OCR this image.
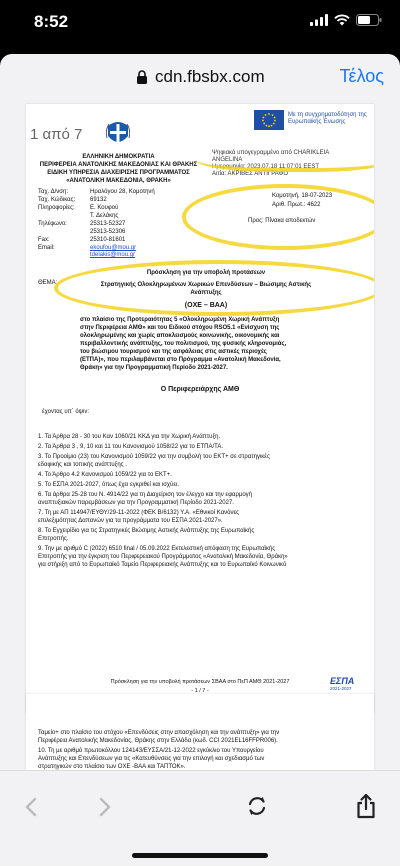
8:52
cdn.fbsbx.com	Τέλος
ΕΛΛΗΝΙΚΗ ΔΗΜΟΚΡΑΤΙΑ
ΠΕΡΙΦΕΡΕΙΑ ΑΝΑΤΟΛΙΚΗΣ ΜΑΚΕΔΟΝΙΑΣ ΚΑΙ ΘΡΑΚΗΣ
ΕΙΔΙΚΗ ΥΠΗΡΕΣΙΑ ΔΙΑΧΕΙΡΙΣΗΣ ΠΡΟΓΡΑΜΜΑΤΟΣ
«ΑΝΑΤΟΛΙΚΗ ΜΑΚΕΔΟΝΙΑ, ΘΡΑΚΗ»
Με τη συγχρηματοδότηση της Ευρωπαϊκής Ένωσης
Ψηφιακά υπογεγραμμένο από CHARIKLEIA
ANGELINA
Ημερομηνία: 2023.07.18 11:07:01 EEST
Αιτία: ΑΚΡΙΒΕΣ ΑΝΤΙΓΡΑΦΟ
Ταχ. Δ/νση:
Ταχ. Κώδικας:
Πληροφορίες:
Τηλέφωνο:
Fax:
Email:
Ηραλόγου 28, Κομοτηνή
69132
Ε. Κουφού
Τ. Δελάκης
25313-52327
25313-52306
25310-81601
ekoufou@mou.gr
tdelakis@mou.gr
Κομοτηνή, 18-07-2023
Αριθ. Πρωτ.: 4622
Προς: Πίνακα αποδεκτών
ΘΕΜΑ:
Πρόσκληση για την υποβολή προτάσεων
Στρατηγικής Ολοκληρωμένων Χωρικών Επενδύσεων – Βιώσιμης Αστικής
Ανάπτυξης
(ΟΧΕ – ΒΑΑ)
στο πλαίσιο της Προτεραιότητας 5 «Ολοκληρωμένη Χωρική Ανάπτυξη
στην Περιφέρεια ΑΜΘ» και του Ειδικού στόχου RSO5.1 «Ενίσχυση της
ολοκληρωμένης και χωρίς αποκλεισμούς κοινωνικής, οικονομικής και
περιβαλλοντικής ανάπτυξης, του πολιτισμού, της φυσικής κληρονομιάς,
του βιώσιμου τουρισμού και της ασφάλειας στις αστικές περιοχές
(ΕΤΠΑ)», που περιλαμβάνεται στο Πρόγραμμα «Ανατολική Μακεδονία,
Θράκη» για την Προγραμματική Περίοδο 2021-2027.
Ο Περιφερειάρχης ΑΜΘ
έχοντας υπ΄ όψιν:
1. Τα Άρθρα 28 - 30 του Καν 1060/21 ΚΚΔ για την Χωρική Ανάπτυξη.
2. Τα Άρθρα 3 , 9, 10 και 11 του Κανονισμού 1058/22 για το ΕΤΠΑ/ΤΑ.
3. Το Προοίμιο (23) του Κανονισμού 1059/22 για την συμβολή του ΕΚΤ+ σε στρατηγικές
εδαφικής και τοπικής ανάπτυξης .
4. Το Άρθρο 4.2 Κανονισμού 1059/22 για το ΕΚΤ+.
5. Το ΕΣΠΑ 2021-2027, όπως έχει εγκριθεί και ισχύει.
6. Τα άρθρα 25-28 του Ν. 4914/22 για τη Διαχείριση τον έλεγχο και την εφαρμογή
αναπτυξιακών παρεμβάσεων για την Προγραμματική Περίοδο 2021-2027.
7. Τη με ΑΠ 114947/ΕΥΘΥ/29-11-2022 (ΦΕΚ Β/6132) Υ.Α. «Εθνικοί Κανόνες
επιλεξιμότητας Δαπανών για τα προγράμματα του ΕΣΠΑ 2021-2027».
8. Το Εγχειρίδιο για τις Στρατηγικές Βιώσιμης Αστικής Ανάπτυξης της Ευρωπαϊκής
Επιτροπής.
9. Την με αριθμό C (2022) 6510 final / 05.09.2022 Εκτελεστική απόφαση της Ευρωπαϊκής
Επιτροπής για την έγκριση του Περιφερειακού Προγράμματος «Ανατολική Μακεδονία, Θράκη»
για στήριξη από το Ευρωπαϊκό Ταμείο Περιφερειακής Ανάπτυξης και το Ευρωπαϊκό Κοινωνικό
Πρόσκληση για την υποβολή προτάσεων ΣΒΑΑ στο ΠεΠ ΑΜΘ 2021-2027
- 1 / 7 -
ΕΣΠΑ
2021-2027
1 από 7
Ταμείο+ στο πλαίσιο του στόχου «Επενδύσεις στην απασχόληση και την ανάπτυξη» για την
Περιφέρεια Ανατολικής Μακεδονίας, Θράκης στην Ελλάδα (κωδ. CCI 2021EL16FFPR006).
10. Τη με αριθμό πρωτοκόλλου 124143/ΕΥΣΣΑ/21-12-2022 εγκύκλιο του Υπουργείου
Ανάπτυξης και Επενδύσεων για τις «Κατευθύνσεις για την επιλογή και σχεδιασμό των
στρατηγικών στο πλαίσιο των ΟΧΕ -ΒΑΑ και ΤΑΠΤΟΚ».
